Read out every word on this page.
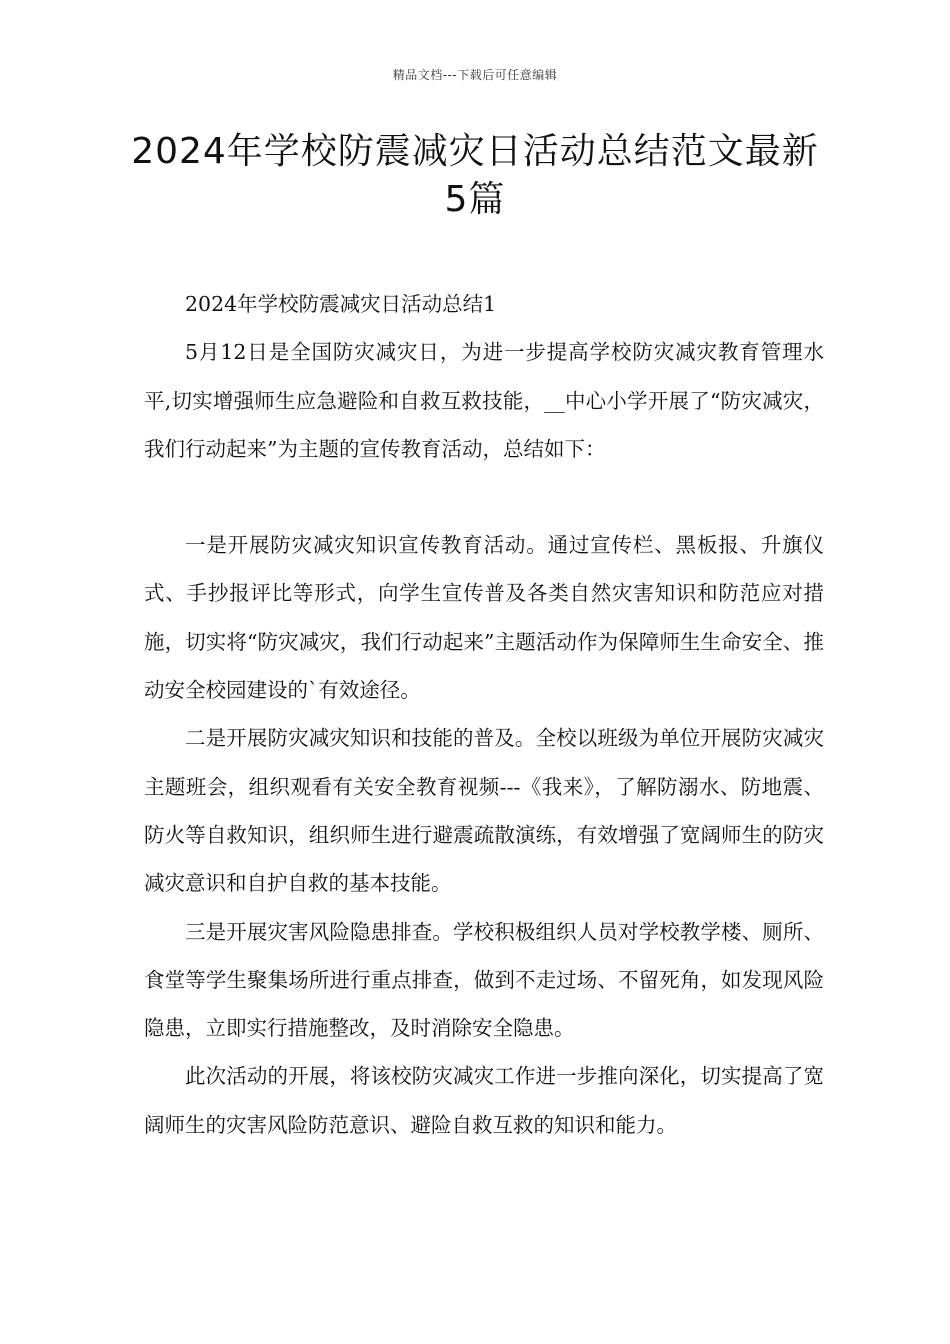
精品文档---下载后可任意编辑
2024年学校防震减灾日活动总结范文最新5篇

2024年学校防震减灾日活动总结1

5月12日是全国防灾减灾日，为进一步提高学校防灾减灾教育管理水平,切实增强师生应急避险和自救互救技能，__中心小学开展了“防灾减灾，我们行动起来”为主题的宣传教育活动，总结如下：

一是开展防灾减灾知识宣传教育活动。通过宣传栏、黑板报、升旗仪式、手抄报评比等形式，向学生宣传普及各类自然灾害知识和防范应对措施，切实将“防灾减灾，我们行动起来”主题活动作为保障师生生命安全、推动安全校园建设的`有效途径。

二是开展防灾减灾知识和技能的普及。全校以班级为单位开展防灾减灾主题班会，组织观看有关安全教育视频---《我来》，了解防溺水、防地震、防火等自救知识，组织师生进行避震疏散演练，有效增强了宽阔师生的防灾减灾意识和自护自救的基本技能。

三是开展灾害风险隐患排查。学校积极组织人员对学校教学楼、厕所、食堂等学生聚集场所进行重点排查，做到不走过场、不留死角，如发现风险隐患，立即实行措施整改，及时消除安全隐患。

此次活动的开展，将该校防灾减灾工作进一步推向深化，切实提高了宽阔师生的灾害风险防范意识、避险自救互救的知识和能力。
